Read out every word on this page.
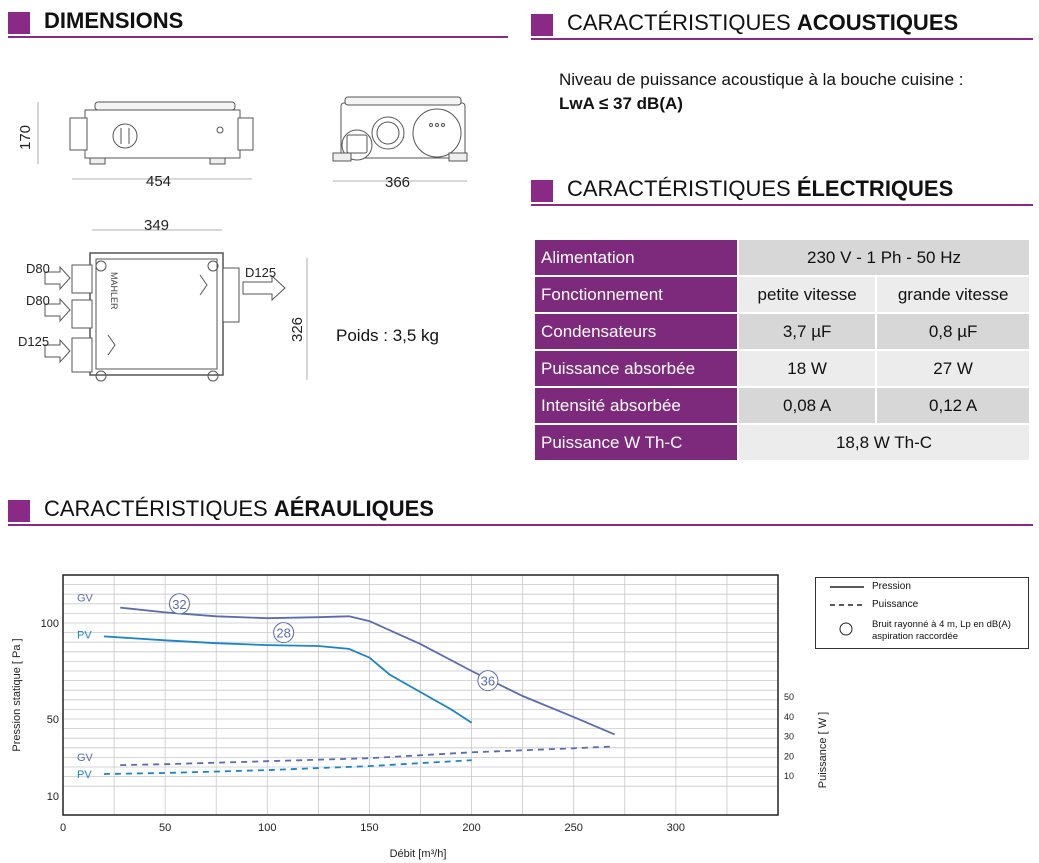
DIMENSIONS	CARACTÉRISTIQUES ACOUSTIQUES
Niveau de puissance acoustique à la bouche cuisine :
LwA ≤ 37 dB(A)
CARACTÉRISTIQUES ÉLECTRIQUES
Alimentation	230 V - 1 Ph - 50 Hz	
Fonctionnement	petite vitesse	grande vitesse
Condensateurs	3,7 µF	0,8 µF
Puissance absorbée	18 W	27 W
Intensité absorbée	0,08 A	0,12 A
Puissance W Th-C	18,8 W Th-C	
CARACTÉRISTIQUES AÉRAULIQUES
MAHLER
170
454
349
326
D80
D80
D125
D125
366
Poids : 3,5 kg
0	50	100	150	200	250	300
10
50
100
10
20
30
40
50
32
28
36
Débit [m³/h]
Pression statique [ Pa ]	Puissance [ W ]
GV
PV
GV
PV
Pression
Puissance
Bruit rayonné à 4 m, Lp en dB(A)
aspiration raccordée
